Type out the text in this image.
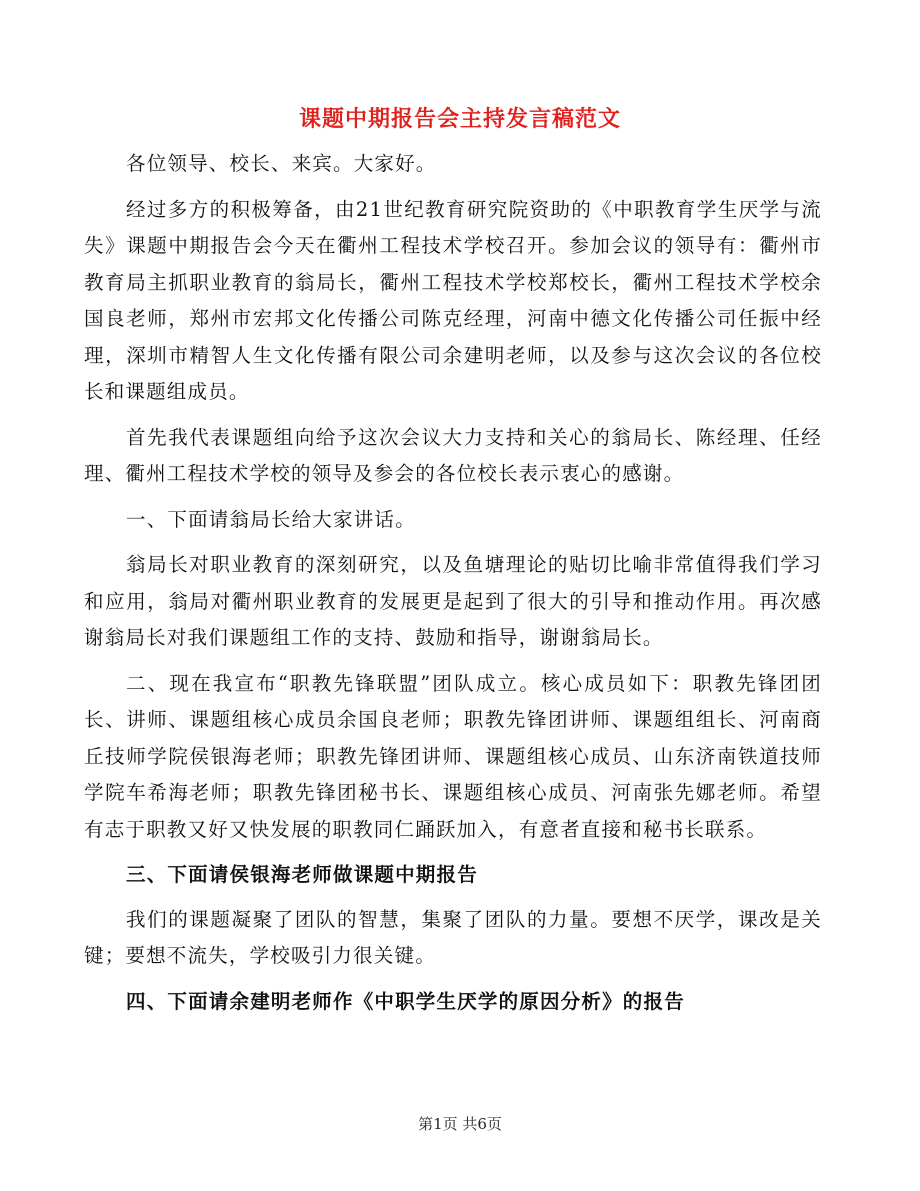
课题中期报告会主持发言稿范文

各位领导、校长、来宾。大家好。

经过多方的积极筹备，由21世纪教育研究院资助的《中职教育学生厌学与流失》课题中期报告会今天在衢州工程技术学校召开。参加会议的领导有：衢州市教育局主抓职业教育的翁局长，衢州工程技术学校郑校长，衢州工程技术学校余国良老师，郑州市宏邦文化传播公司陈克经理，河南中德文化传播公司任振中经理，深圳市精智人生文化传播有限公司余建明老师，以及参与这次会议的各位校长和课题组成员。

首先我代表课题组向给予这次会议大力支持和关心的翁局长、陈经理、任经理、衢州工程技术学校的领导及参会的各位校长表示衷心的感谢。

一、下面请翁局长给大家讲话。

翁局长对职业教育的深刻研究，以及鱼塘理论的贴切比喻非常值得我们学习和应用，翁局对衢州职业教育的发展更是起到了很大的引导和推动作用。再次感谢翁局长对我们课题组工作的支持、鼓励和指导，谢谢翁局长。

二、现在我宣布“职教先锋联盟”团队成立。核心成员如下：职教先锋团团长、讲师、课题组核心成员余国良老师；职教先锋团讲师、课题组组长、河南商丘技师学院侯银海老师；职教先锋团讲师、课题组核心成员、山东济南铁道技师学院车希海老师；职教先锋团秘书长、课题组核心成员、河南张先娜老师。希望有志于职教又好又快发展的职教同仁踊跃加入，有意者直接和秘书长联系。

三、下面请侯银海老师做课题中期报告

我们的课题凝聚了团队的智慧，集聚了团队的力量。要想不厌学，课改是关键；要想不流失，学校吸引力很关键。

四、下面请余建明老师作《中职学生厌学的原因分析》的报告

第1页 共6页
